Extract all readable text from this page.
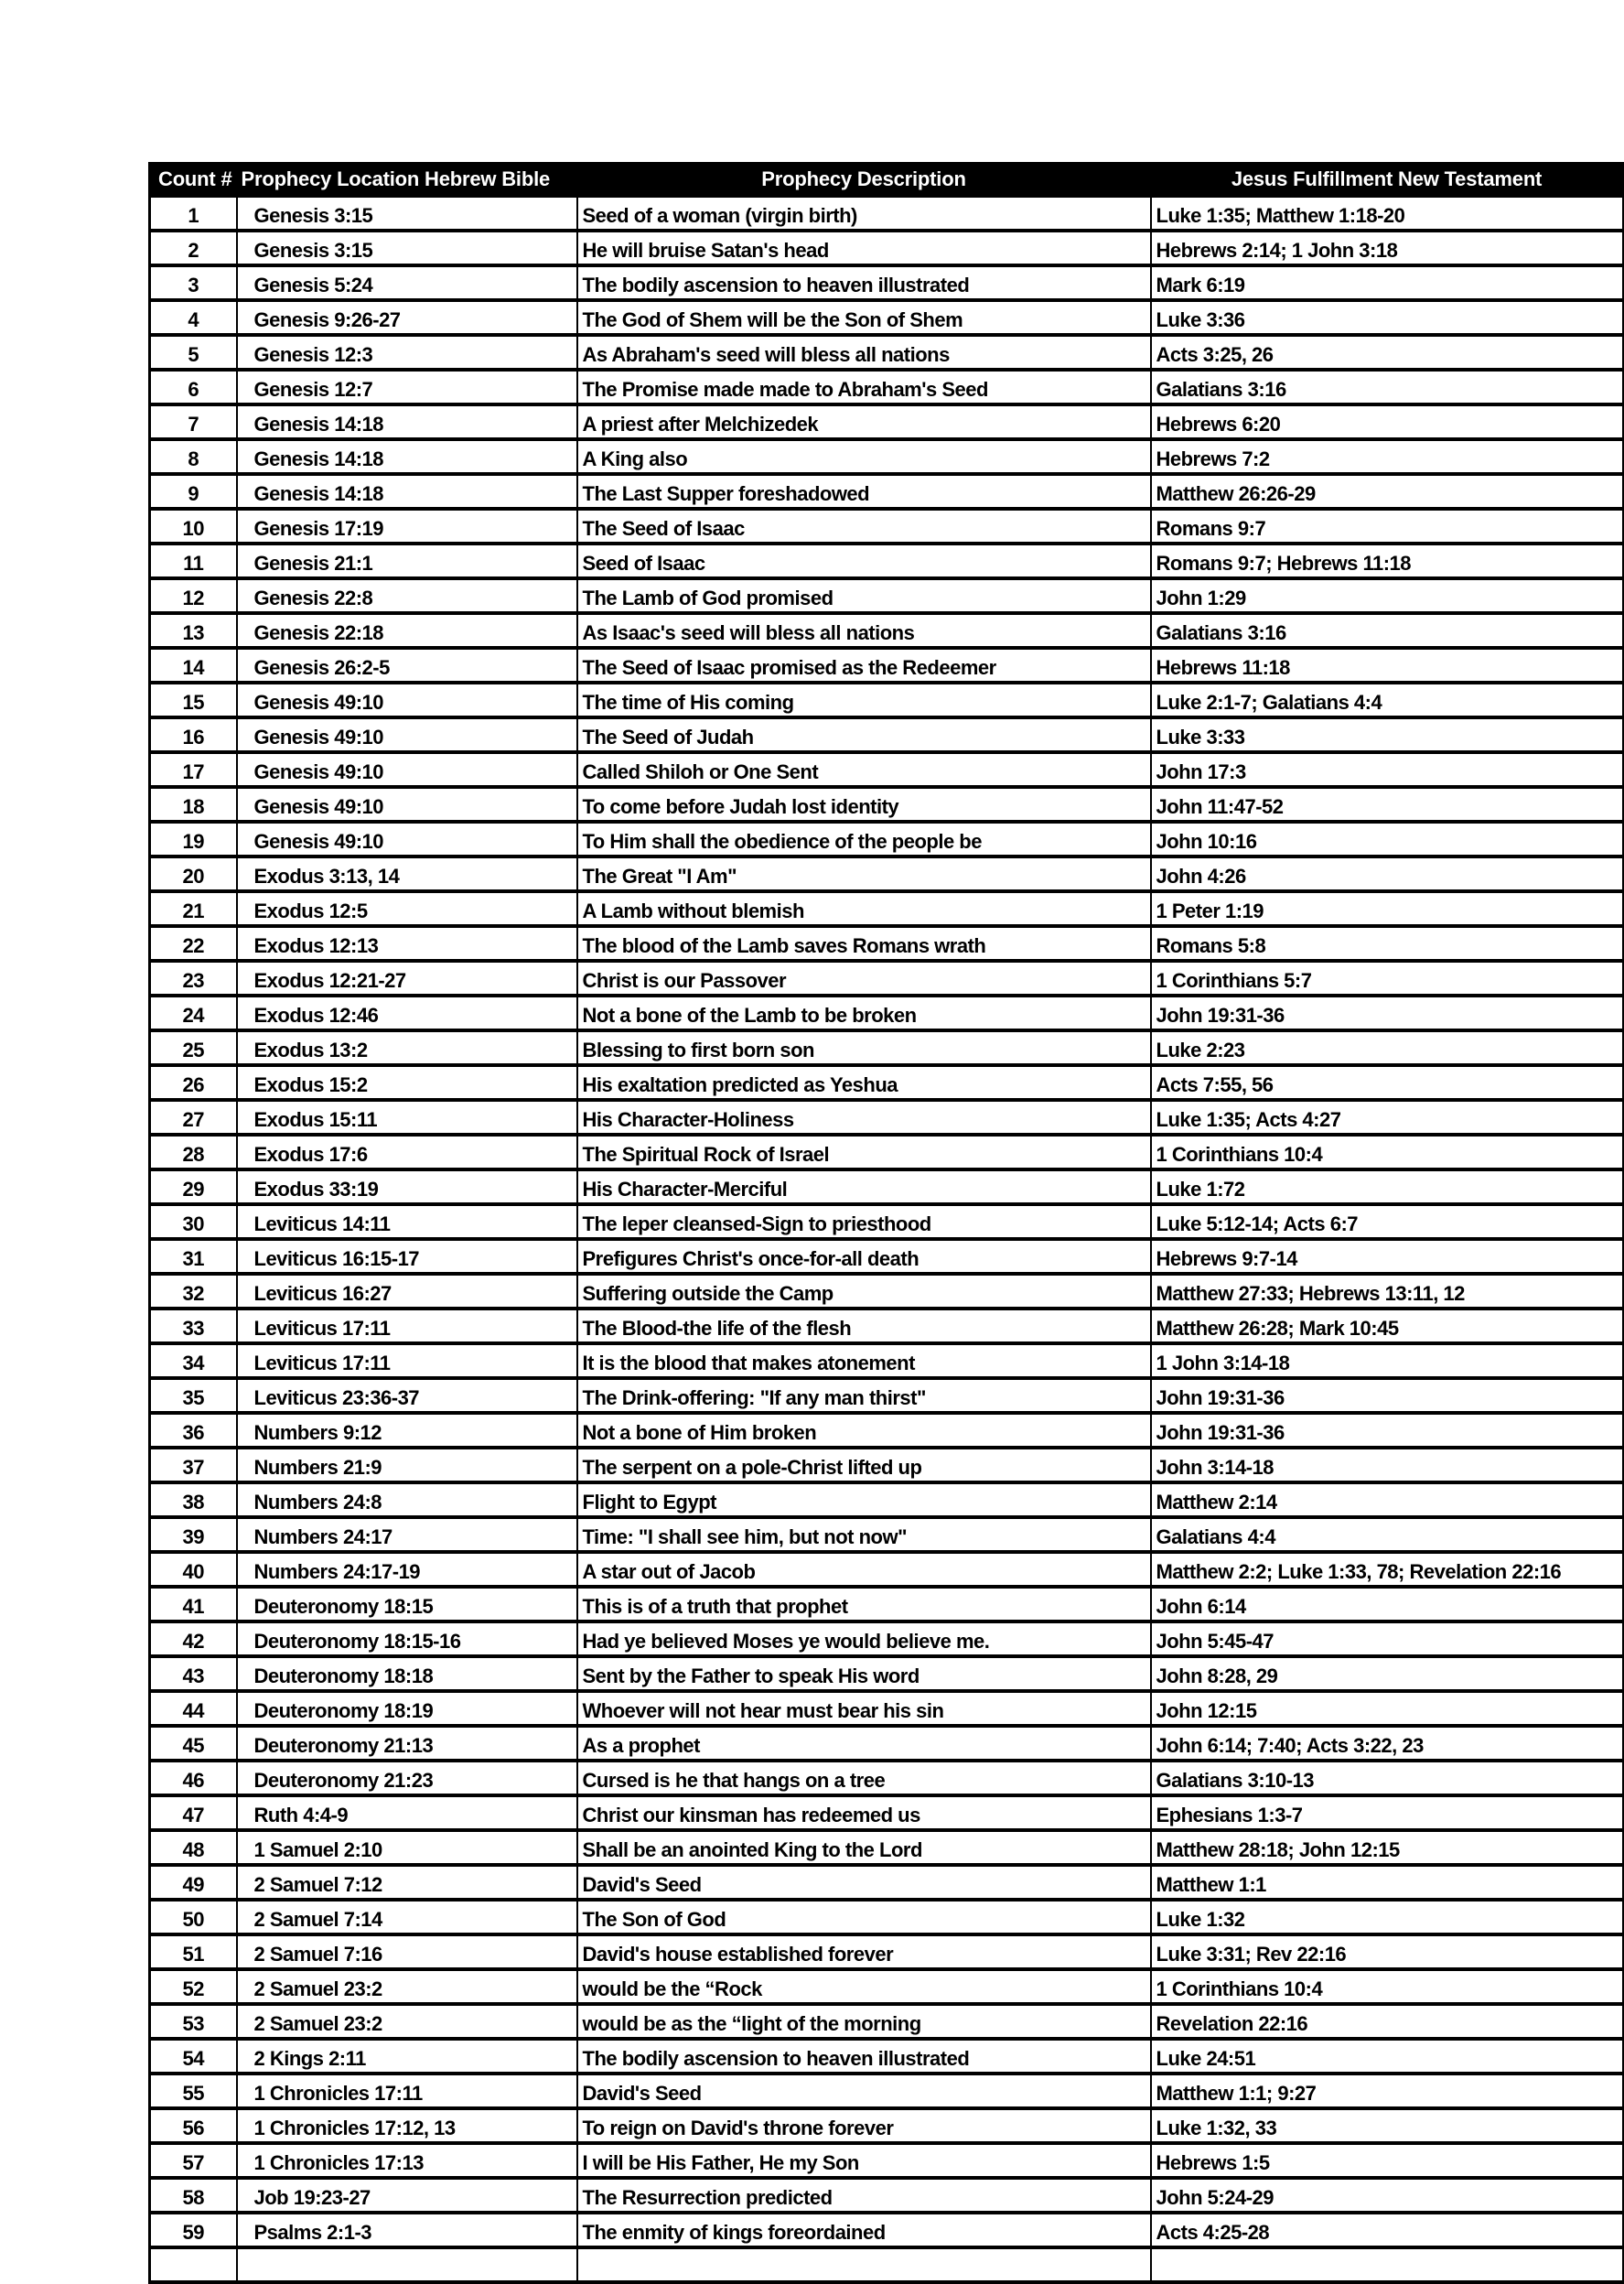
Count #	Prophecy Location Hebrew Bible	Prophecy Description	Jesus Fulfillment New Testament
1	Genesis 3:15	Seed of a woman (virgin birth)	Luke 1:35; Matthew 1:18-20
2	Genesis 3:15	He will bruise Satan's head	Hebrews 2:14; 1 John 3:18
3	Genesis 5:24	The bodily ascension to heaven illustrated	Mark 6:19
4	Genesis 9:26-27	The God of Shem will be the Son of Shem	Luke 3:36
5	Genesis 12:3	As Abraham's seed will bless all nations	Acts 3:25, 26
6	Genesis 12:7	The Promise made made to Abraham's Seed	Galatians 3:16
7	Genesis 14:18	A priest after Melchizedek	Hebrews 6:20
8	Genesis 14:18	A King also	Hebrews 7:2
9	Genesis 14:18	The Last Supper foreshadowed	Matthew 26:26-29
10	Genesis 17:19	The Seed of Isaac	Romans 9:7
11	Genesis 21:1	Seed of Isaac	Romans 9:7; Hebrews 11:18
12	Genesis 22:8	The Lamb of God promised	John 1:29
13	Genesis 22:18	As Isaac's seed will bless all nations	Galatians 3:16
14	Genesis 26:2-5	The Seed of Isaac promised as the Redeemer	Hebrews 11:18
15	Genesis 49:10	The time of His coming	Luke 2:1-7; Galatians 4:4
16	Genesis 49:10	The Seed of Judah	Luke 3:33
17	Genesis 49:10	Called Shiloh or One Sent	John 17:3
18	Genesis 49:10	To come before Judah lost identity	John 11:47-52
19	Genesis 49:10	To Him shall the obedience of the people be	John 10:16
20	Exodus 3:13, 14	The Great "I Am"	John 4:26
21	Exodus 12:5	A Lamb without blemish	1 Peter 1:19
22	Exodus 12:13	The blood of the Lamb saves Romans wrath	Romans 5:8
23	Exodus 12:21-27	Christ is our Passover	1 Corinthians 5:7
24	Exodus 12:46	Not a bone of the Lamb to be broken	John 19:31-36
25	Exodus 13:2	Blessing to first born son	Luke 2:23
26	Exodus 15:2	His exaltation predicted as Yeshua	Acts 7:55, 56
27	Exodus 15:11	His Character-Holiness	Luke 1:35; Acts 4:27
28	Exodus 17:6	The Spiritual Rock of Israel	1 Corinthians 10:4
29	Exodus 33:19	His Character-Merciful	Luke 1:72
30	Leviticus 14:11	The leper cleansed-Sign to priesthood	Luke 5:12-14; Acts 6:7
31	Leviticus 16:15-17	Prefigures Christ's once-for-all death	Hebrews 9:7-14
32	Leviticus 16:27	Suffering outside the Camp	Matthew 27:33; Hebrews 13:11, 12
33	Leviticus 17:11	The Blood-the life of the flesh	Matthew 26:28; Mark 10:45
34	Leviticus 17:11	It is the blood that makes atonement	1 John 3:14-18
35	Leviticus 23:36-37	The Drink-offering: "If any man thirst"	John 19:31-36
36	Numbers 9:12	Not a bone of Him broken	John 19:31-36
37	Numbers 21:9	The serpent on a pole-Christ lifted up	John 3:14-18
38	Numbers 24:8	Flight to Egypt	Matthew 2:14
39	Numbers 24:17	Time: "I shall see him, but not now"	Galatians 4:4
40	Numbers 24:17-19	A star out of Jacob	Matthew 2:2; Luke 1:33, 78; Revelation 22:16
41	Deuteronomy 18:15	This is of a truth that prophet	John 6:14
42	Deuteronomy 18:15-16	Had ye believed Moses ye would believe me.	John 5:45-47
43	Deuteronomy 18:18	Sent by the Father to speak His word	John 8:28, 29
44	Deuteronomy 18:19	Whoever will not hear must bear his sin	John 12:15
45	Deuteronomy 21:13	As a prophet	John 6:14; 7:40; Acts 3:22, 23
46	Deuteronomy 21:23	Cursed is he that hangs on a tree	Galatians 3:10-13
47	Ruth 4:4-9	Christ our kinsman has redeemed us	Ephesians 1:3-7
48	1 Samuel 2:10	Shall be an anointed King to the Lord	Matthew 28:18; John 12:15
49	2 Samuel 7:12	David's Seed	Matthew 1:1
50	2 Samuel 7:14	The Son of God	Luke 1:32
51	2 Samuel 7:16	David's house established forever	Luke 3:31; Rev 22:16
52	2 Samuel 23:2	would be the “Rock	1 Corinthians 10:4
53	2 Samuel 23:2	would be as the “light of the morning	Revelation 22:16
54	2 Kings 2:11	The bodily ascension to heaven illustrated	Luke 24:51
55	1 Chronicles 17:11	David's Seed	Matthew 1:1; 9:27
56	1 Chronicles 17:12, 13	To reign on David's throne forever	Luke 1:32, 33
57	1 Chronicles 17:13	I will be His Father, He my Son	Hebrews 1:5
58	Job 19:23-27	The Resurrection predicted	John 5:24-29
59	Psalms 2:1-3	The enmity of kings foreordained	Acts 4:25-28
